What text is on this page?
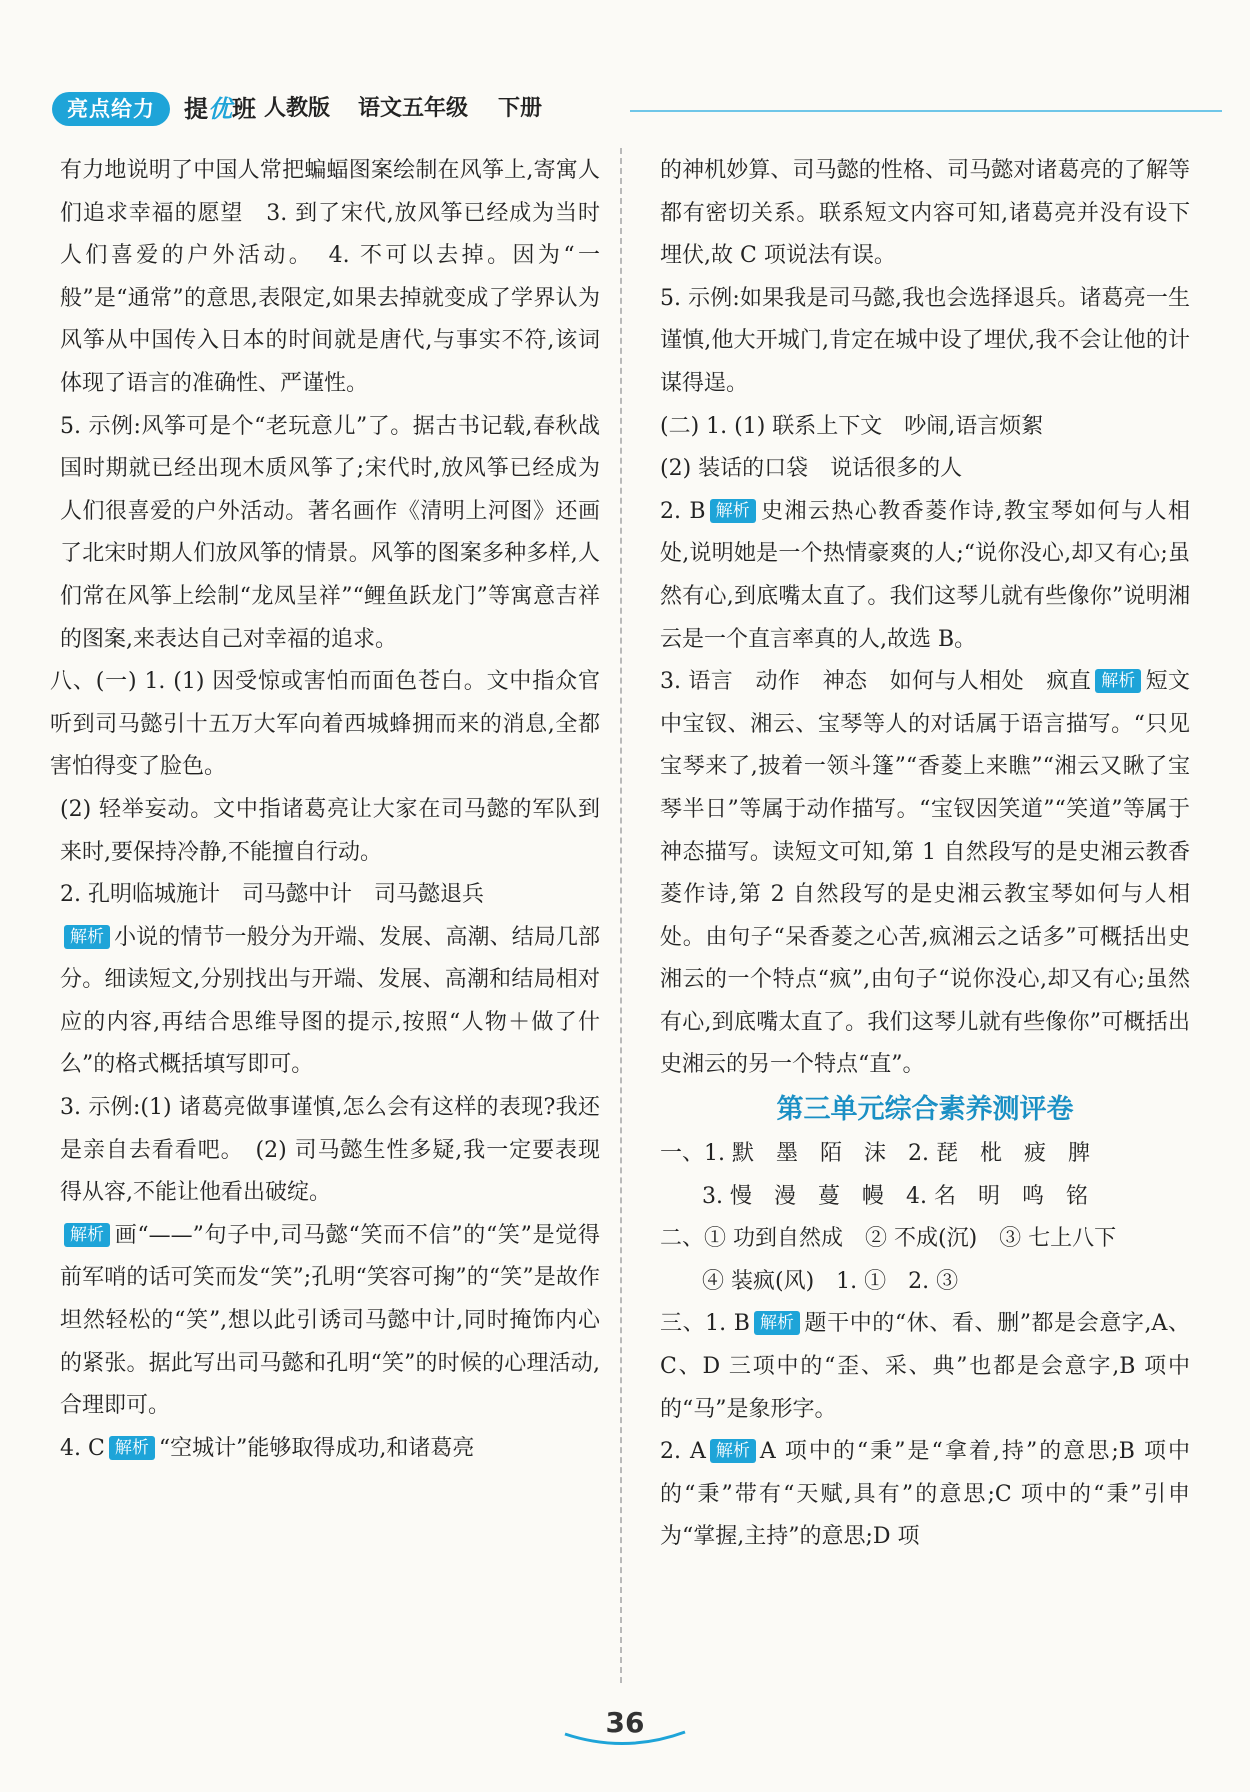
亮点给力	提优班 人教版 语文五年级 下册

有力地说明了中国人常把蝙蝠图案绘制在风筝上,寄寓人们追求幸福的愿望　3. 到了宋代,放风筝已经成为当时人们喜爱的户外活动。　4. 不可以去掉。因为“一般”是“通常”的意思,表限定,如果去掉就变成了学界认为风筝从中国传入日本的时间就是唐代,与事实不符,该词体现了语言的准确性、严谨性。

5. 示例:风筝可是个“老玩意儿”了。据古书记载,春秋战国时期就已经出现木质风筝了;宋代时,放风筝已经成为人们很喜爱的户外活动。著名画作《清明上河图》还画了北宋时期人们放风筝的情景。风筝的图案多种多样,人们常在风筝上绘制“龙凤呈祥”“鲤鱼跃龙门”等寓意吉祥的图案,来表达自己对幸福的追求。

八、(一) 1. (1) 因受惊或害怕而面色苍白。文中指众官听到司马懿引十五万大军向着西城蜂拥而来的消息,全都害怕得变了脸色。

(2) 轻举妄动。文中指诸葛亮让大家在司马懿的军队到来时,要保持冷静,不能擅自行动。

2. 孔明临城施计　司马懿中计　司马懿退兵

解析 小说的情节一般分为开端、发展、高潮、结局几部分。细读短文,分别找出与开端、发展、高潮和结局相对应的内容,再结合思维导图的提示,按照“人物＋做了什么”的格式概括填写即可。

3. 示例:(1) 诸葛亮做事谨慎,怎么会有这样的表现?我还是亲自去看看吧。　(2) 司马懿生性多疑,我一定要表现得从容,不能让他看出破绽。

解析 画“——”句子中,司马懿“笑而不信”的“笑”是觉得前军哨的话可笑而发“笑”;孔明“笑容可掬”的“笑”是故作坦然轻松的“笑”,想以此引诱司马懿中计,同时掩饰内心的紧张。据此写出司马懿和孔明“笑”的时候的心理活动,合理即可。

4. C 解析 “空城计”能够取得成功,和诸葛亮

的神机妙算、司马懿的性格、司马懿对诸葛亮的了解等都有密切关系。联系短文内容可知,诸葛亮并没有设下埋伏,故 C 项说法有误。

5. 示例:如果我是司马懿,我也会选择退兵。诸葛亮一生谨慎,他大开城门,肯定在城中设了埋伏,我不会让他的计谋得逞。

(二) 1. (1) 联系上下文　吵闹,语言烦絮

(2) 装话的口袋　说话很多的人

2. B 解析 史湘云热心教香菱作诗,教宝琴如何与人相处,说明她是一个热情豪爽的人;“说你没心,却又有心;虽然有心,到底嘴太直了。我们这琴儿就有些像你”说明湘云是一个直言率真的人,故选 B。

3. 语言　动作　神态　如何与人相处　疯直 解析 短文中宝钗、湘云、宝琴等人的对话属于语言描写。“只见宝琴来了,披着一领斗篷”“香菱上来瞧”“湘云又瞅了宝琴半日”等属于动作描写。“宝钗因笑道”“笑道”等属于神态描写。读短文可知,第 1 自然段写的是史湘云教香菱作诗,第 2 自然段写的是史湘云教宝琴如何与人相处。由句子“呆香菱之心苦,疯湘云之话多”可概括出史湘云的一个特点“疯”,由句子“说你没心,却又有心;虽然有心,到底嘴太直了。我们这琴儿就有些像你”可概括出史湘云的另一个特点“直”。

第三单元综合素养测评卷

一、1. 默　墨　陌　沫　2. 琵　枇　疲　脾

3. 慢　漫　蔓　幔　4. 名　明　鸣　铭

二、① 功到自然成　② 不成(沉)　③ 七上八下

④ 装疯(风)　1. ①　2. ③

三、1. B 解析 题干中的“休、看、删”都是会意字,A、C、D 三项中的“歪、采、典”也都是会意字,B 项中的“马”是象形字。

2. A 解析 A 项中的“秉”是“拿着,持”的意思;B 项中的“秉”带有“天赋,具有”的意思;C 项中的“秉”引申为“掌握,主持”的意思;D 项

36
